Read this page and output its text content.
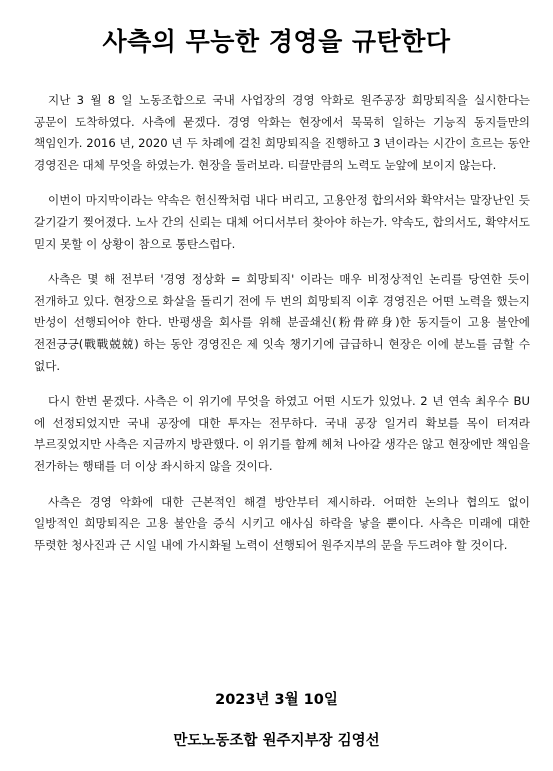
사측의 무능한 경영을 규탄한다

지난 3 월 8 일 노동조합으로 국내 사업장의 경영 악화로 원주공장 희망퇴직을 실시한다는 공문이 도착하였다. 사측에 묻겠다. 경영 악화는 현장에서 묵묵히 일하는 기능직 동지들만의 책임인가. 2016 년, 2020 년 두 차례에 걸친 희망퇴직을 진행하고 3 년이라는 시간이 흐르는 동안 경영진은 대체 무엇을 하였는가. 현장을 둘러보라. 티끌만큼의 노력도 눈앞에 보이지 않는다.

이번이 마지막이라는 약속은 헌신짝처럼 내다 버리고, 고용안정 합의서와 확약서는 말장난인 듯 갈기갈기 찢어졌다. 노사 간의 신뢰는 대체 어디서부터 찾아야 하는가. 약속도, 합의서도, 확약서도 믿지 못할 이 상황이 참으로 통탄스럽다.

사측은 몇 해 전부터 '경영 정상화 = 희망퇴직' 이라는 매우 비정상적인 논리를 당연한 듯이 전개하고 있다. 현장으로 화살을 돌리기 전에 두 번의 희망퇴직 이후 경영진은 어떤 노력을 했는지 반성이 선행되어야 한다. 반평생을 회사를 위해 분골쇄신(粉骨碎身)한 동지들이 고용 불안에 전전긍긍(戰戰兢兢) 하는 동안 경영진은 제 잇속 챙기기에 급급하니 현장은 이에 분노를 금할 수 없다.

다시 한번 묻겠다. 사측은 이 위기에 무엇을 하였고 어떤 시도가 있었나. 2 년 연속 최우수 BU 에 선정되었지만 국내 공장에 대한 투자는 전무하다. 국내 공장 일거리 확보를 목이 터져라 부르짖었지만 사측은 지금까지 방관했다. 이 위기를 함께 헤쳐 나아갈 생각은 않고 현장에만 책임을 전가하는 행태를 더 이상 좌시하지 않을 것이다.

사측은 경영 악화에 대한 근본적인 해결 방안부터 제시하라. 어떠한 논의나 협의도 없이 일방적인 희망퇴직은 고용 불안을 증식 시키고 애사심 하락을 낳을 뿐이다. 사측은 미래에 대한 뚜렷한 청사진과 근 시일 내에 가시화될 노력이 선행되어 원주지부의 문을 두드려야 할 것이다.

2023년 3월 10일
만도노동조합 원주지부장 김영선
